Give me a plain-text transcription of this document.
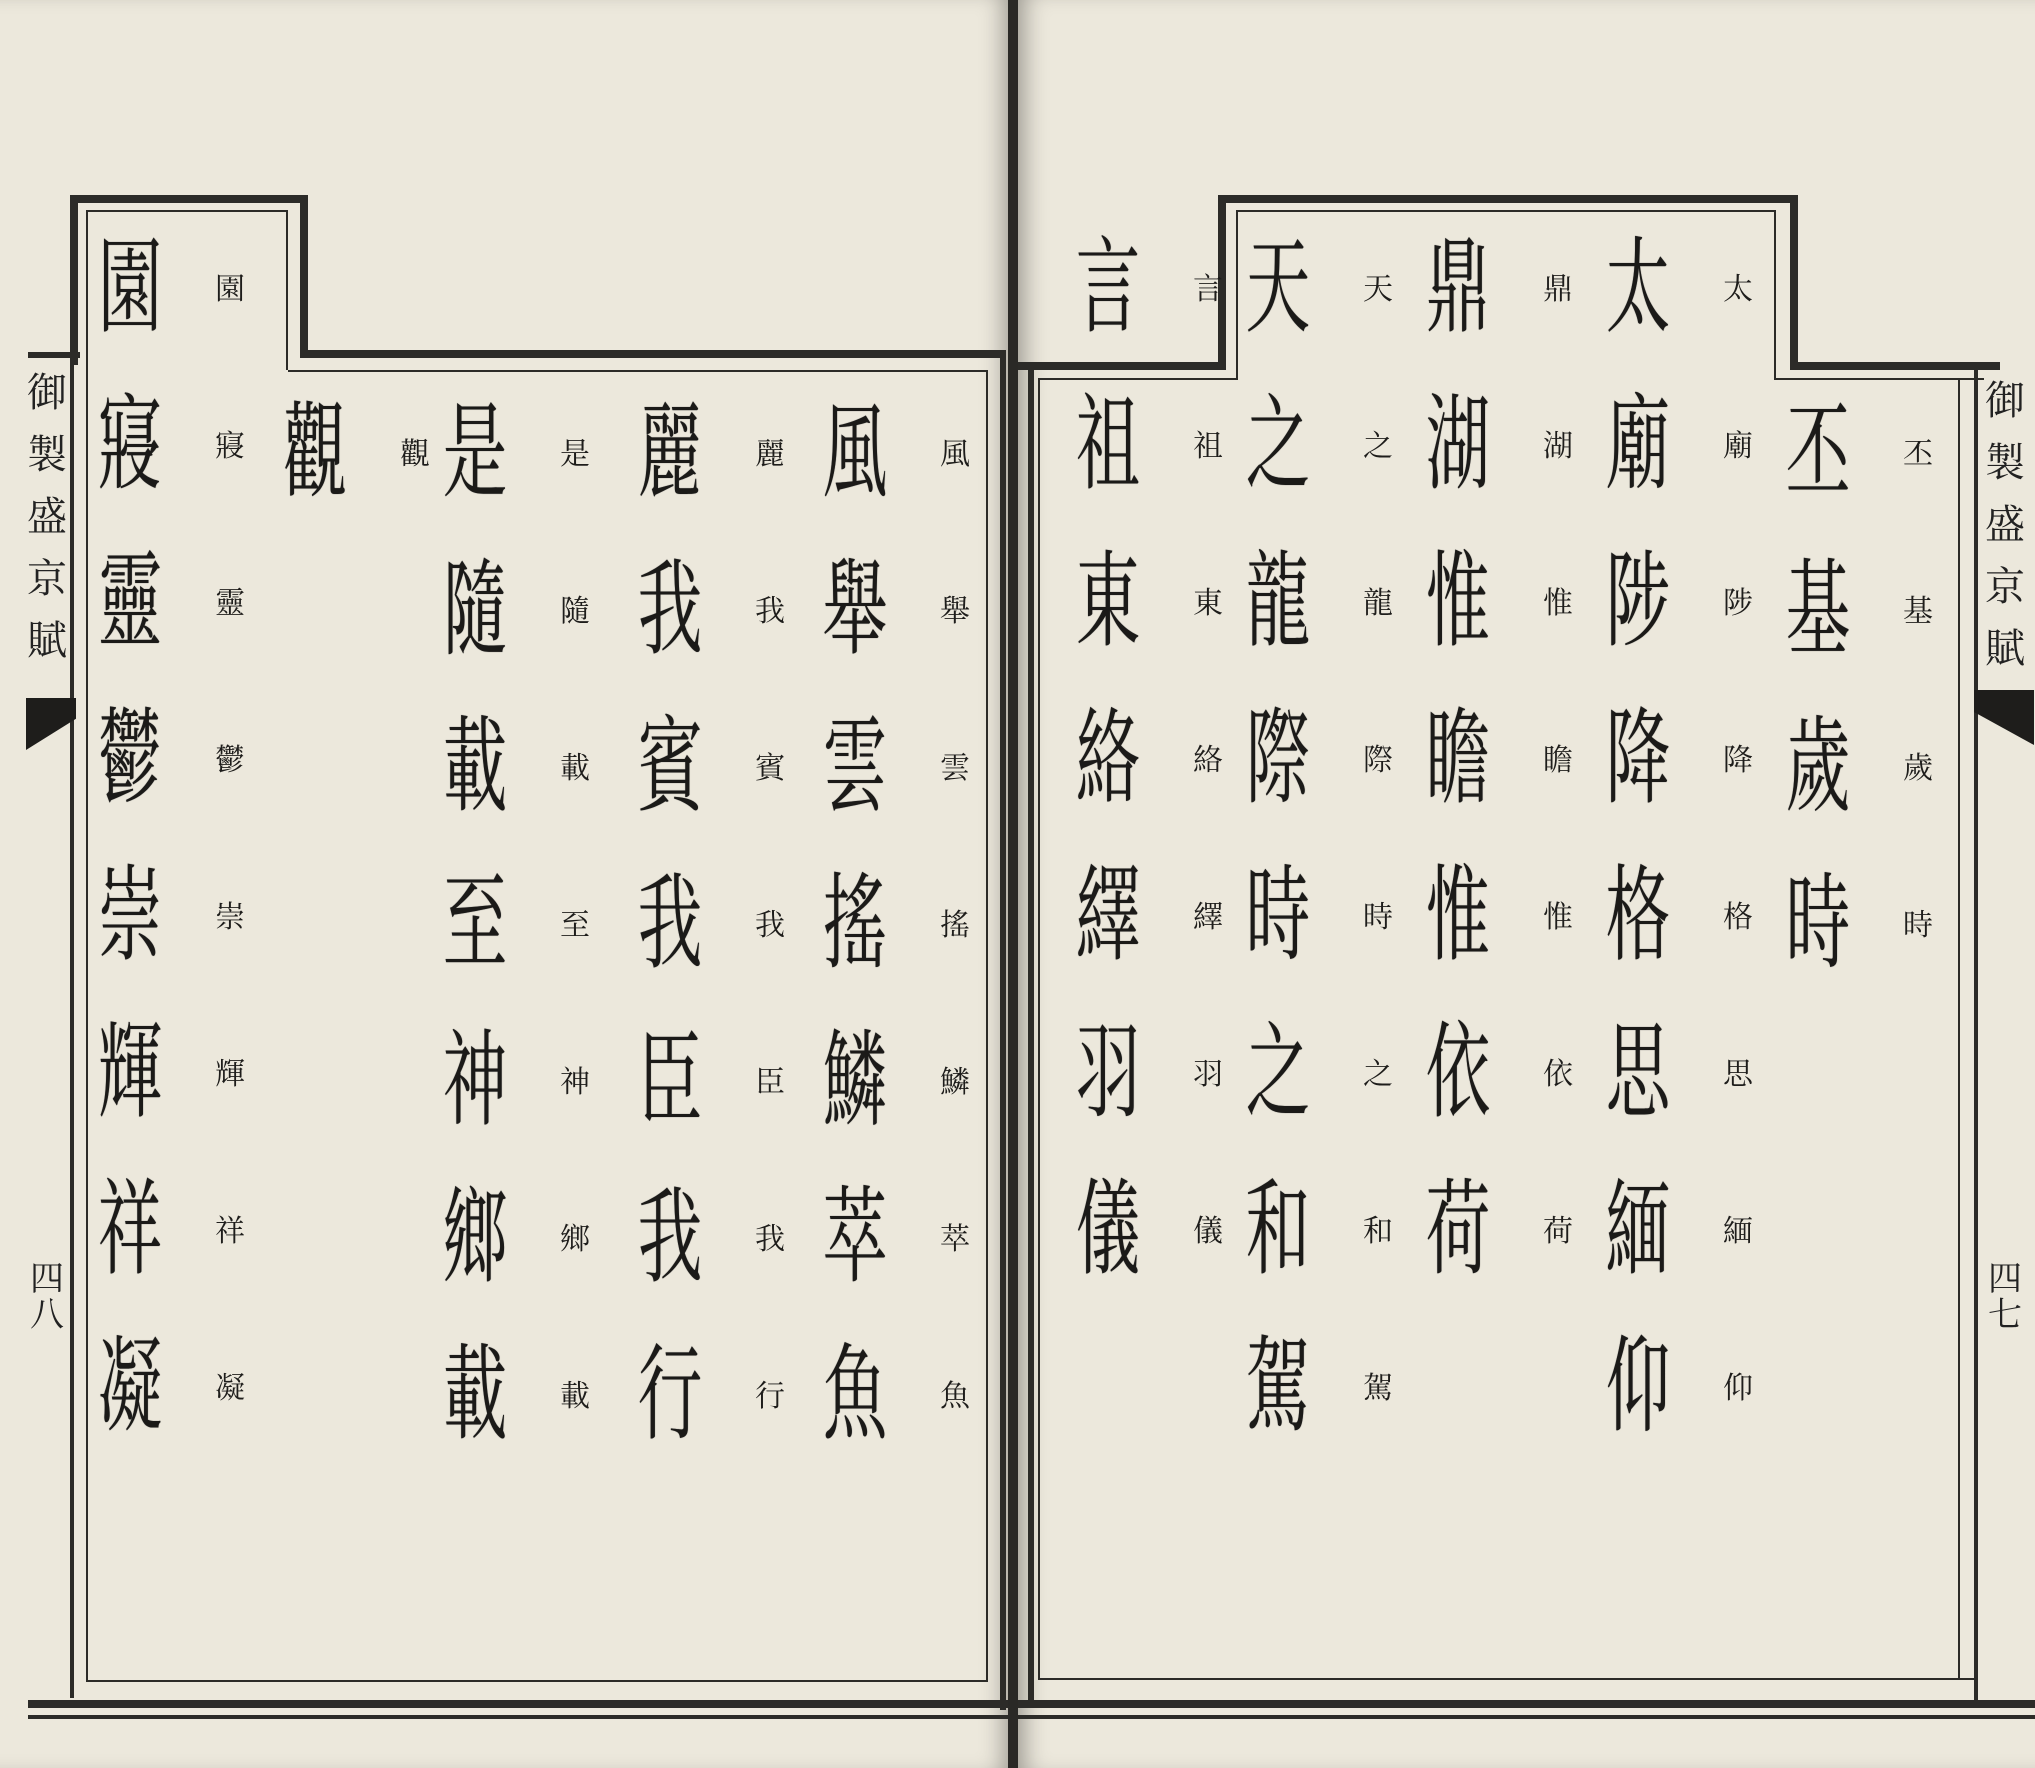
御
製
盛
京
賦
四八
風
舉
雲
搖
鱗
萃
魚
風
舉
雲
搖
鱗
萃
魚
麗
我
賓
我
臣
我
行
麗
我
賓
我
臣
我
行
是
隨
載
至
神
鄉
載
是
隨
載
至
神
鄉
載
觀
觀
園
寢
靈
鬱
崇
輝
祥
凝
園
寢
靈
鬱
崇
輝
祥
凝
御
製
盛
京
賦
四七
丕
基
歲
時
丕
基
歲
時
太
廟
陟
降
格
思
緬
仰
太
廟
陟
降
格
思
緬
仰
鼎
湖
惟
瞻
惟
依
荷
鼎
湖
惟
瞻
惟
依
荷
天
之
龍
際
時
之
和
駕
天
之
龍
際
時
之
和
駕
言
祖
東
絡
繹
羽
儀
言
祖
東
絡
繹
羽
儀
